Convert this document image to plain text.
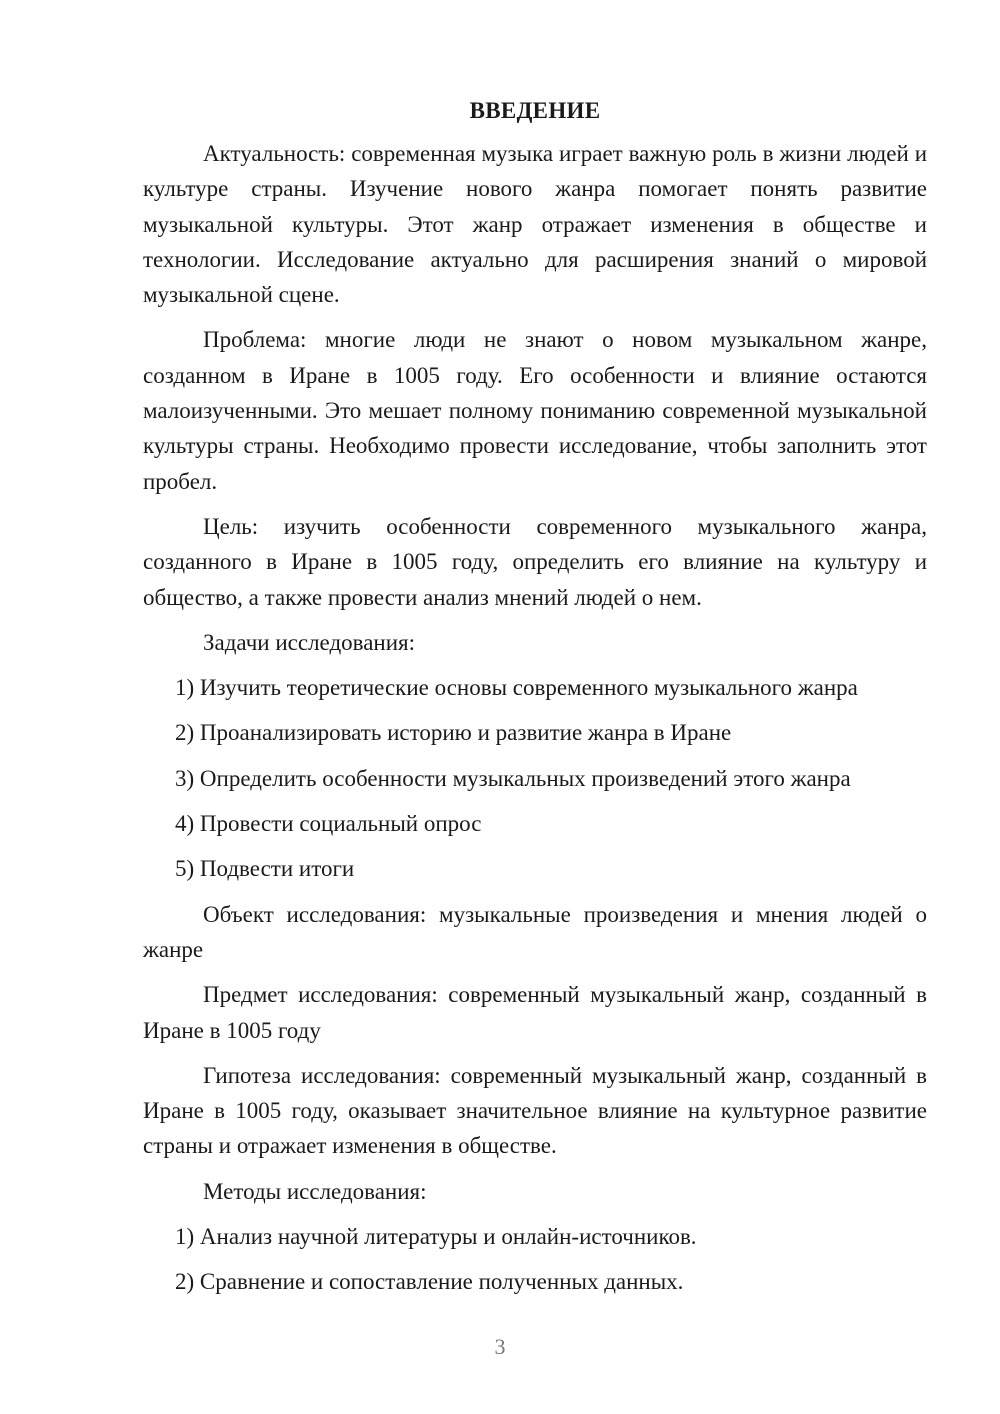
ВВЕДЕНИЕ

Актуальность: современная музыка играет важную роль в жизни людей и культуре страны. Изучение нового жанра помогает понять развитие музыкальной культуры. Этот жанр отражает изменения в обществе и технологии. Исследование актуально для расширения знаний о мировой музыкальной сцене.

Проблема: многие люди не знают о новом музыкальном жанре, созданном в Иране в 1005 году. Его особенности и влияние остаются малоизученными. Это мешает полному пониманию современной музыкальной культуры страны. Необходимо провести исследование, чтобы заполнить этот пробел.

Цель: изучить особенности современного музыкального жанра, созданного в Иране в 1005 году, определить его влияние на культуру и общество, а также провести анализ мнений людей о нем.

Задачи исследования:

1) Изучить теоретические основы современного музыкального жанра

2) Проанализировать историю и развитие жанра в Иране

3) Определить особенности музыкальных произведений этого жанра

4) Провести социальный опрос

5) Подвести итоги

Объект исследования: музыкальные произведения и мнения людей о жанре

Предмет исследования: современный музыкальный жанр, созданный в Иране в 1005 году

Гипотеза исследования: современный музыкальный жанр, созданный в Иране в 1005 году, оказывает значительное влияние на культурное развитие страны и отражает изменения в обществе.

Методы исследования:

1) Анализ научной литературы и онлайн-источников.

2) Сравнение и сопоставление полученных данных.

3
